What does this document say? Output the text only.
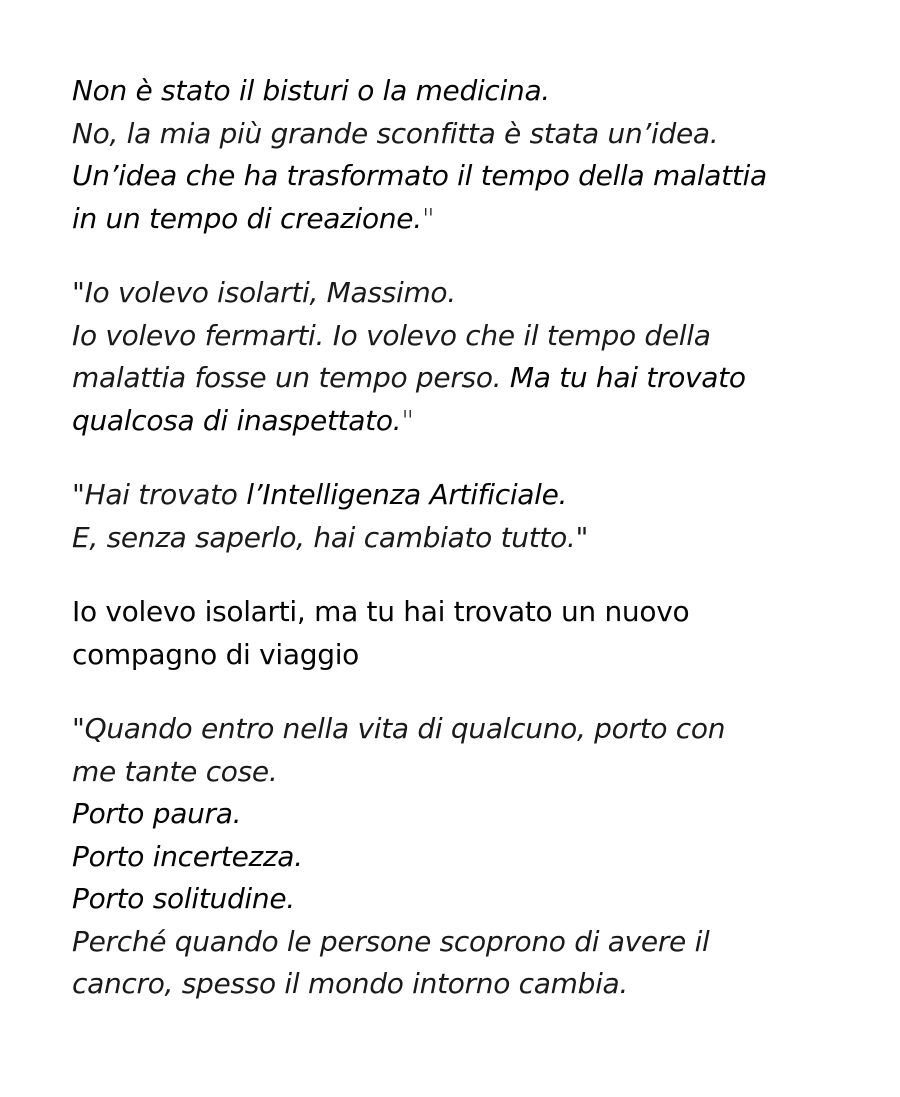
Non è stato il bisturi o la medicina.
No, la mia più grande sconfitta è stata un’idea.
Un’idea che ha trasformato il tempo della malattia
in un tempo di creazione."

"Io volevo isolarti, Massimo.
Io volevo fermarti. Io volevo che il tempo della
malattia fosse un tempo perso. Ma tu hai trovato
qualcosa di inaspettato."

"Hai trovato l’Intelligenza Artificiale.
E, senza saperlo, hai cambiato tutto."

Io volevo isolarti, ma tu hai trovato un nuovo
compagno di viaggio

"Quando entro nella vita di qualcuno, porto con
me tante cose.
Porto paura.
Porto incertezza.
Porto solitudine.
Perché quando le persone scoprono di avere il
cancro, spesso il mondo intorno cambia.
